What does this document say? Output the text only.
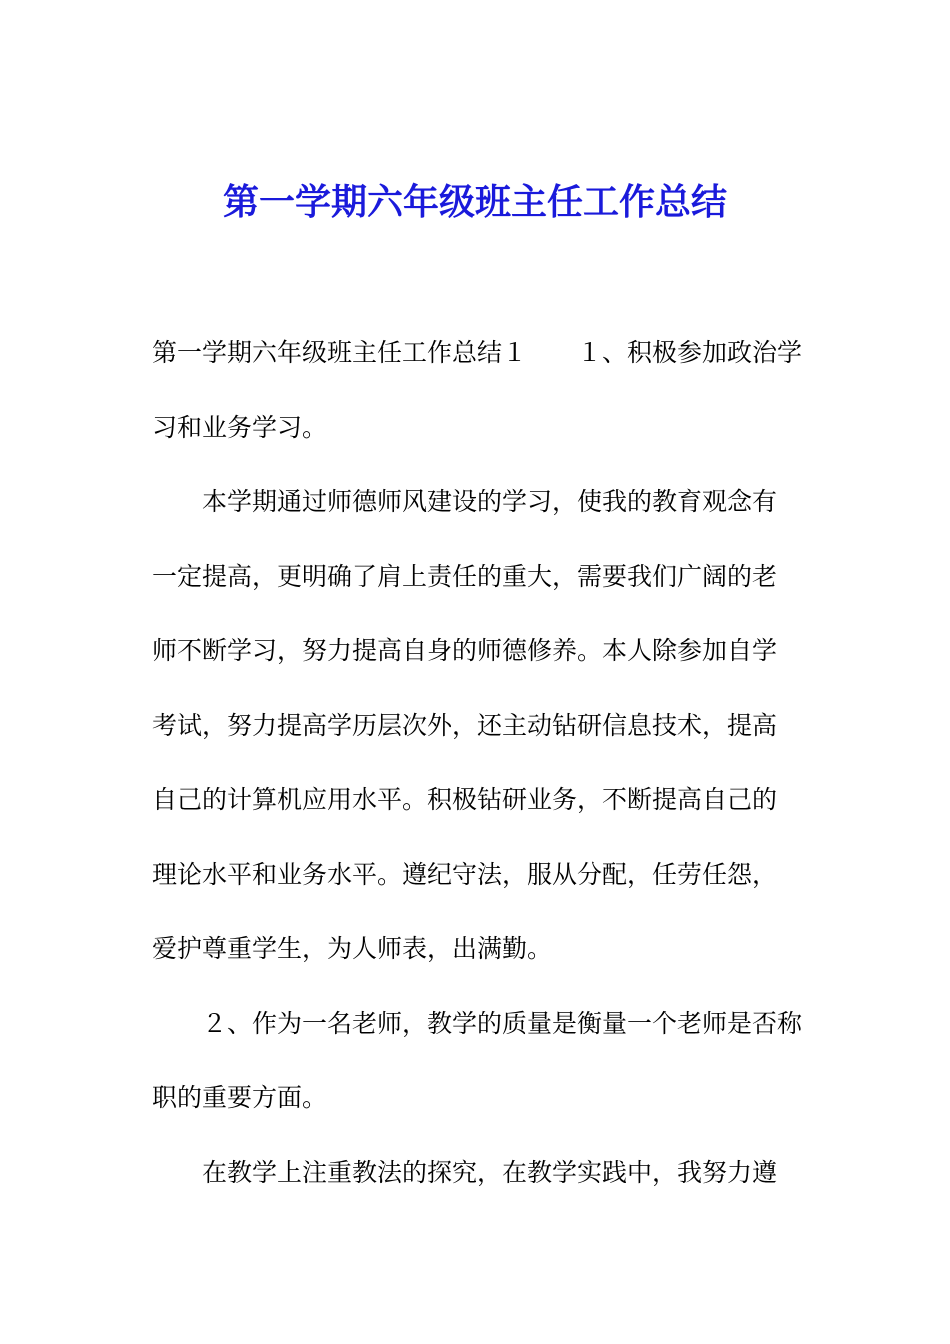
第一学期六年级班主任工作总结
第一学期六年级班主任工作总结１　　１、积极参加政治学
习和业务学习。
　　本学期通过师德师风建设的学习，使我的教育观念有
一定提高，更明确了肩上责任的重大，需要我们广阔的老
师不断学习，努力提高自身的师德修养。本人除参加自学
考试，努力提高学历层次外，还主动钻研信息技术，提高
自己的计算机应用水平。积极钻研业务，不断提高自己的
理论水平和业务水平。遵纪守法，服从分配，任劳任怨，
爱护尊重学生，为人师表，出满勤。
　　２、作为一名老师，教学的质量是衡量一个老师是否称
职的重要方面。
　　在教学上注重教法的探究，在教学实践中，我努力遵
